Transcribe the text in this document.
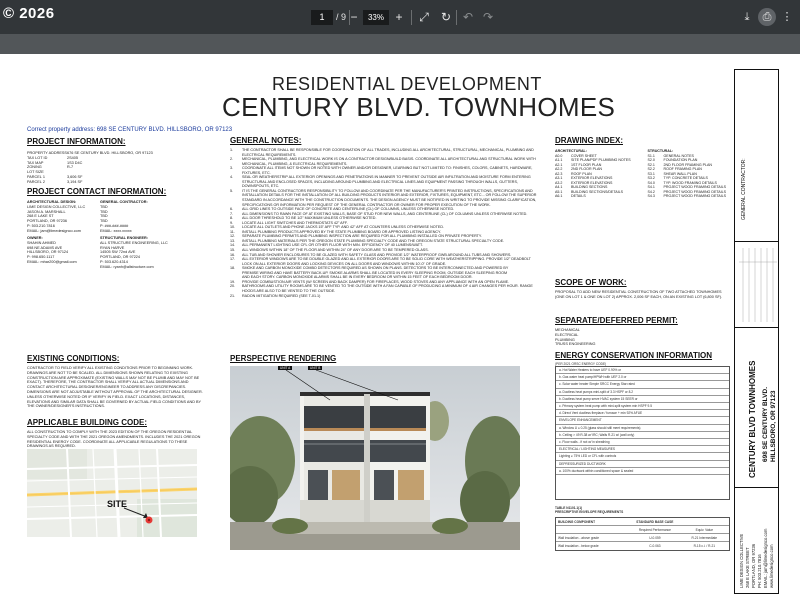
© 2026	1	/ 9 −	33% +	⤢ ↻ ↶ ↷	⤓	⎙ ⋮
RESIDENTIAL DEVELOPMENT
CENTURY BLVD. TOWNHOMES
Correct property address: 698 SE CENTURY BLVD. HILLSBORO, OR 97123
PROJECT INFORMATION:
PROPERTY ADDRESS 676 SE CENTURY BLVD. HILLSBORO, OR 97123
TAX LOT ID	2S405
TAX MAP	1S3 D4C
ZONING	R-7
LOT SIZE
PARCEL 1	3,606 SF
PARCEL 2	3,194 SF
PROJECT CONTACT INFORMATION:
ARCHITECTURAL DESIGN:
LIME DESIGN COLLECTIVE, LLC
JASON A. MARSHALL
268 E LAKE ST
PORTLAND, OR 97236
P: 503.210.7816
EMAIL: jam@limedesignco.com
GENERAL CONTRACTOR:
TBD
TBD
TBD
TBD
P: ###-###-####
EMAIL: xxxx.xxxxx
OWNER:
SHAHIN AHMED
698 NE ADAMS AVE
HILLSBORO, OR 97124
P: 998.650.1117
EMAIL: mhar200@gmail.com
STRUCTURAL ENGINEER:
ALL STRUCTURE ENGINEERING, LLC
RYAN HARVE
14505 SW 72nd AVE
PORTLAND, OR 97224
P: 503.620.4314
EMAIL: ryanh@allstructure.com
GENERAL NOTES:
1.	THE CONTRACTOR SHALL BE RESPONSIBLE FOR COORDINATION OF ALL TRADES, INCLUDING ALL ARCHITECTURAL, STRUCTURAL, MECHANICAL, PLUMBING AND
ELECTRICAL REQUIREMENTS.
2.	MECHANICAL, PLUMBING, AND ELECTRICAL WORK IS ON A CONTRACTOR DESIGN/BUILD BASIS. COORDINATE ALL ARCHITECTURAL AND STRUCTURAL WORK WITH
MECHANICAL, PLUMBING, & ELECTRICAL REQUIREMENTS.
3.	COORDINATE ALL ITEMS NOT SHOWN OR NOTED WITH OWNER AND/OR DESIGNER, LEARNING BUT NOT LIMITED TO: FINISHES, COLORS, CABINETS, HARDWARE,
FIXTURES, ETC.
4.	SEAL OR WEATHERSTRIP ALL EXTERIOR OPENINGS AND PENETRATIONS IN MANNER TO PREVENT OUTSIDE AIR INFILTRATION AND MOISTURE FORM ENTERING
STRUCTURAL AND ENCLOSED SPACES, INCLUDING AROUND PLUMBING AND ELECTRICAL LINES AND EQUIPMENT PASSING THROUGH WALLS, GUTTERS,
DOWNSPOUTS, ETC.
5.	IT IS THE GENERAL CONTRACTORS RESPONSIBILITY TO FOLLOW AND COORDINATE PER THE MANUFACTURER'S PRINTED INSTRUCTIONS, SPECIFICATIONS AND
INSTALLATION DETAILS FOR THE INSTALLATION OF ALL BUILDING PRODUCTS INTERIOR AND EXTERIOR, FIXTURES, EQUIPMENT, ETC... OR FOLLOW THE SUPERIOR
STANDARD IN ACCORDANCE WITH THE CONSTRUCTION DOCUMENTS. THE DESIGN AGENCY MUST BE NOTIFIED IN WRITING TO PROVIDE MISSING CLARIFICATION,
SPECIFICATIONS OR INFORMATION PER REQUEST OF THE GENERAL CONTRACTOR OR OWNER FOR PROPER EXECUTION OF THE WORK.
6.	ALL GRID LINES TO OUTSIDE FACE OF CONCRETE AND CENTERLINE (CL) OF COLUMNS, UNLESS OTHERWISE NOTED.
7.	ALL DIMENSIONS TO RAWN FACE OF AT EXISTING WALLS, BASE OF STUD FOR NEW WALLS, AND CENTERLINE (CL) OF COLUMNS UNLESS OTHERWISE NOTED.
8.	ALL DOOR THRESHOLD TO BE 1/2" MAXIMUM UNLESS OTHERWISE NOTED.
9.	LOCATE ALL LIGHT SWITCHES AND THERMOSTATS 42" AFF.
10.	LOCATE ALL OUTLETS AND PHONE JACKS 15" AFF TYP. AND 42" AFF AT COUNTERS UNLESS OTHERWISE NOTED.
11.	INSTALL PLUMBING PRODUCTS APPROVED BY THE STATE PLUMBING BOARD OR APPROVED LISTING AGENCY.
12.	SEPARATE PLUMBING PERMITS AND PLUMBING INSPECTION ARE REQUIRED FOR ALL PLUMBING INSTALLED ON PRIVATE PROPERTY.
13.	INSTALL PLUMBING MATERIALS PER THE OREGON STATE PLUMBING SPECIALTY CODE AND THE OREGON STATE STRUCTURAL SPECIALTY CODE.
14.	ALL PERMANENT LIGHTING USE CFL OR OTHER FLUOR WITH MIN. EFFICIENCY OF 40 LUMENS/WATT.
15.	ALL WINDOWS WITHIN 18" OF THE FLOOR AND WITHIN 24" OF ANY DOOR ARE TO BE TEMPERED GLASS.
16.	ALL TUB AND SHOWER ENCLOSURES TO BE GLAZED WITH SAFETY GLASS AND PROVIDE 1/2" WATERPROOF GWB AROUND ALL TUBS AND SHOWERS.
17.	ALL EXTERIOR WINDOWS ARE TO BE DOUBLE GLAZED AND ALL EXTERIOR DOORS ARE TO BE SOLID CORE WITH WEATHERSTRIPPING. PROVIDE 1/2" DEADBOLT
LOCK ON ALL EXTERIOR DOORS AND LOCKING DEVICES ON ALL DOORS AND WINDOWS WITHIN 10'-0" OF GRADE.
18.	SMOKE AND CARBON MONOXIDE COMBO DETECTORS REQUIRED AS SHOWN ON PLANS. DETECTORS TO BE INTERCONNECTED AND POWERED BY
PREMISE WIRING AND HAVE BATTERY BACK-UP. SMOKE ALARMS SHALL BE LOCATED IN EVERY SLEEPING ROOM, OUTSIDE EACH SLEEPING ROOM
AND EACH STORY. CARBON MONOXIDE ALARMS SHALL BE IN EVERY BEDROOM OR WITHIN 15 FEET OF EACH BEDROOM DOOR.
19.	PROVIDE COMBUSTION AIR VENTS (W/ SCREEN AND BACK DAMPER) FOR FIREPLACES, WOOD STOVES AND ANY APPLIANCE WITH AN OPEN FLAME.
20.	BATHROOMS AND UTILITY ROOMS ARE TO BE VENTED TO THE OUTSIDE WITH A FAN CAPABLE OF PRODUCING A MINIMUM OF 4 AIR CHANGES PER HOUR. RANGE
HOODS ARE ALSO TO BE VENTED TO THE OUTSIDE.
21.	RADON MITIGATION REQUIRED (SEE T-01.1)
DRAWING INDEX:
ARCHITECTURAL:
A0.0	COVER SHEET
A1.1	SITE PLAN/PDF PLUMBING NOTES
A2.1	1ST FLOOR PLAN
A2.2	2ND FLOOR PLAN
A2.3	ROOF PLAN
A3.1	EXTERIOR ELEVATIONS
A3.2	EXTERIOR ELEVATIONS
A4.1	BUILDING SECTIONS
A5.1	BUILDING SECTIONS/DETAILS
A6.1	DETAILS
STRUCTURAL:
S1.1	GENERAL NOTES
S2.0	FOUNDATION PLAN
S2.1	2ND FLOOR FRAMING PLAN
S2.2	ROOF FRAMING PLAN
S3.1	SHEAR WALL PLAN
S3.2	TYP. CONCRETE DETAILS
S4.0	TYP. WOOD FRAMING DETAILS
S4.1	PROJECT WOOD FRAMING DETAILS
S4.2	PROJECT WOOD FRAMING DETAILS
S4.3	PROJECT WOOD FRAMING DETAILS
SCOPE OF WORK:
PROPOSAL TO ADD NEW RESIDENTIAL CONSTRUCTION OF TWO ATTACHED TOWNHOMES (ONE ON LOT 1 & ONE ON LOT 2) APPROX. 2,006 SF EACH, ON AN EXISTING LOT (6,800 SF).
SEPARATE/DEFERRED PERMIT:
MECHANICAL
ELECTRICAL
PLUMBING
TRUSS ENGINEERING
ENERGY CONSERVATION INFORMATION
(PER 2021 ORSC ENERGY CODE)
a. Hot Water Heaters to have UEF 0.90% or
b. Gas water heat pump/HPWH with UEF 2.0 or
c. Solar water heater Simple SRCC Energy Star rated
a. Ductless heat pumps mini-split of 3.3 HSPF or 8.2
b. Ductless heat pump serve HVAC system 15 SEER or
c. Primary system heat pump with mini-split system min HSPF 9.5
d. Direct Vent ductless fireplace / furnace + min 92% AFUE
ENVELOPE ENHANCEMENT
a. Window U ≤ 0.25 (glass should still meet requirements)
b. Ceiling > 49 R-38 w/ IRC; Walls R-21 w/ (wall only)
c. Floor walls - if not w/ in sheathing
ELECTRICAL / LIGHTING MEASURES
Lighting ≥ 75% LED or CFL with controls
DEPRESSURIZED DUCTWORK
a. 100% ductwork within conditioned space & sealed
TABLE N1101.1(1)
PRESCRIPTIVE ENVELOPE REQUIREMENTS
BUILDING COMPONENT	STANDARD BASE CASE
Required Performance	Equiv. Value
Wall insulation - above grade	U-0.059	R-21 Intermediate
Wall insulation - below grade	C-0.063	R-15 c.i. / R-21
EXISTING CONDITIONS:
CONTRACTOR TO FIELD VERIFY ALL EXISTING CONDITIONS PRIOR TO BEGINNING WORK. DRAWINGS ARE NOT TO BE SCALED. ALL DIMENSIONS SHOWN RELATING TO EXISTING CONSTRUCTION ARE APPROXIMATE (EXISTING WALLS MAY NOT BE PLUMB AND MAY NOT BE EXACT). THEREFORE, THE CONTRACTOR SHALL VERIFY ALL ACTUAL DIMENSIONS AND CONTACT ARCHITECTURAL DESIGNER/ENGINEER TO ADDRESS ANY DISCREPANCIES. DIMENSIONS ARE NOT ADJUSTABLE WITHOUT APPROVAL OF THE ARCHITECTURAL DESIGNER. UNLESS OTHERWISE NOTED OR IF VERIFY IN FIELD. EXACT LOCATIONS, DISTANCES, ELEVATIONS AND SIMILAR DATA SHALL BE GOVERNED BY ACTUAL FIELD CONDITIONS AND BY THE OWNER/DESIGNER'S INSTRUCTIONS.
APPLICABLE BUILDING CODE:
ALL CONSTRUCTION TO COMPLY WITH THE 2023 EDITION OF THE OREGON RESIDENTIAL SPECIALTY CODE AND WITH THE 2021 OREGON AMENDMENTS. INCLUDES THE 2021 OREGON RESIDENTIAL ENERGY CODE. COORDINATE ALL APPLICABLE REGULATIONS TO THESE DRAWINGS AS REQUIRED.
SITE
PERSPECTIVE RENDERING
UNIT A	UNIT B
GENERAL CONTRACTOR:
CENTURY BLVD TOWNHOMES 698 SE CENTURY BLVD. HILLSBORO, OR 97123
LIME DESIGN COLLECTIVE 268 E LAKE STREET PORTLAND, OR 97236 PH: 503.210.7816 EMAIL: jam@limedesignco.com www.limedesignco.com
